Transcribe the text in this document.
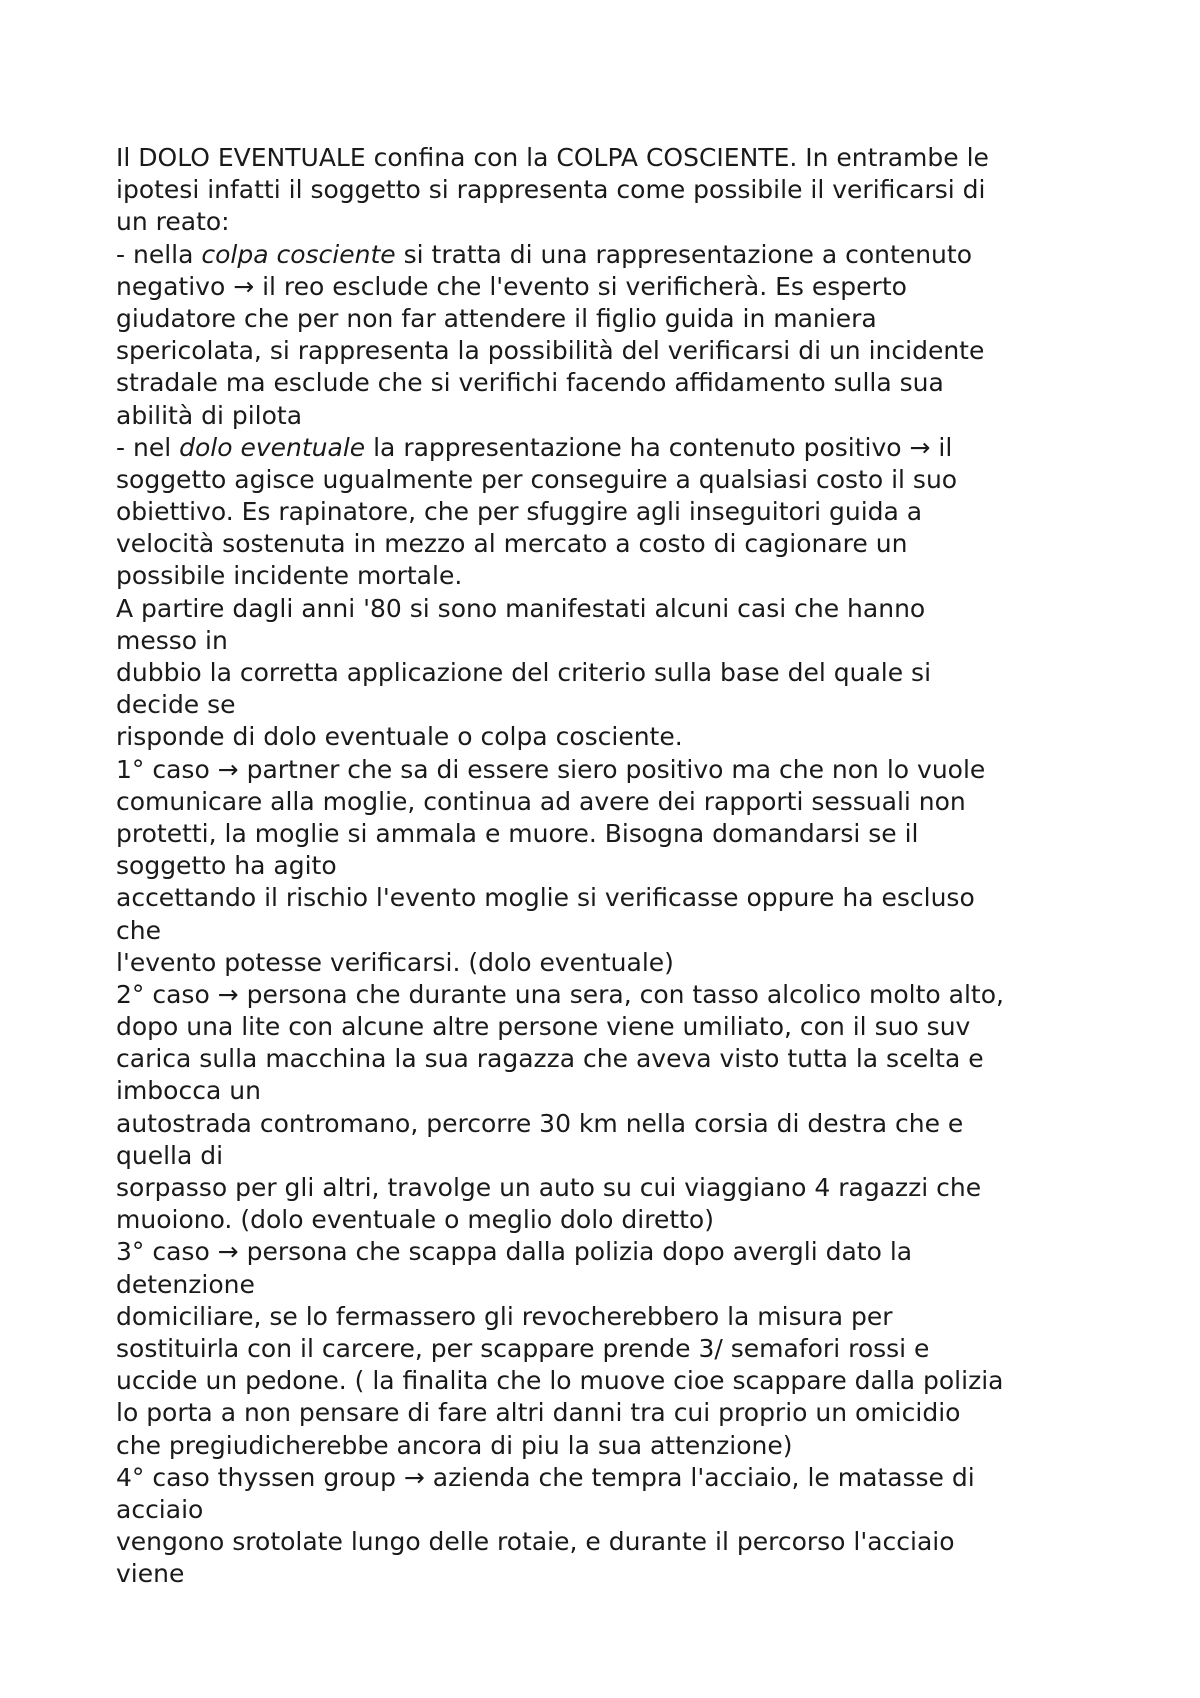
Il DOLO EVENTUALE confina con la COLPA COSCIENTE. In entrambe le
ipotesi infatti il soggetto si rappresenta come possibile il verificarsi di
un reato:
- nella colpa cosciente si tratta di una rappresentazione a contenuto
negativo → il reo esclude che l'evento si verificherà. Es esperto
giudatore che per non far attendere il figlio guida in maniera
spericolata, si rappresenta la possibilità del verificarsi di un incidente
stradale ma esclude che si verifichi facendo affidamento sulla sua
abilità di pilota
- nel dolo eventuale la rappresentazione ha contenuto positivo → il
soggetto agisce ugualmente per conseguire a qualsiasi costo il suo
obiettivo. Es rapinatore, che per sfuggire agli inseguitori guida a
velocità sostenuta in mezzo al mercato a costo di cagionare un
possibile incidente mortale.
A partire dagli anni '80 si sono manifestati alcuni casi che hanno
messo in
dubbio la corretta applicazione del criterio sulla base del quale si
decide se
risponde di dolo eventuale o colpa cosciente.
1° caso → partner che sa di essere siero positivo ma che non lo vuole
comunicare alla moglie, continua ad avere dei rapporti sessuali non
protetti, la moglie si ammala e muore. Bisogna domandarsi se il
soggetto ha agito
accettando il rischio l'evento moglie si verificasse oppure ha escluso
che
l'evento potesse verificarsi. (dolo eventuale)
2° caso → persona che durante una sera, con tasso alcolico molto alto,
dopo una lite con alcune altre persone viene umiliato, con il suo suv
carica sulla macchina la sua ragazza che aveva visto tutta la scelta e
imbocca un
autostrada contromano, percorre 30 km nella corsia di destra che e
quella di
sorpasso per gli altri, travolge un auto su cui viaggiano 4 ragazzi che
muoiono. (dolo eventuale o meglio dolo diretto)
3° caso → persona che scappa dalla polizia dopo avergli dato la
detenzione
domiciliare, se lo fermassero gli revocherebbero la misura per
sostituirla con il carcere, per scappare prende 3/ semafori rossi e
uccide un pedone. ( la finalita che lo muove cioe scappare dalla polizia
lo porta a non pensare di fare altri danni tra cui proprio un omicidio
che pregiudicherebbe ancora di piu la sua attenzione)
4° caso thyssen group → azienda che tempra l'acciaio, le matasse di
acciaio
vengono srotolate lungo delle rotaie, e durante il percorso l'acciaio
viene
